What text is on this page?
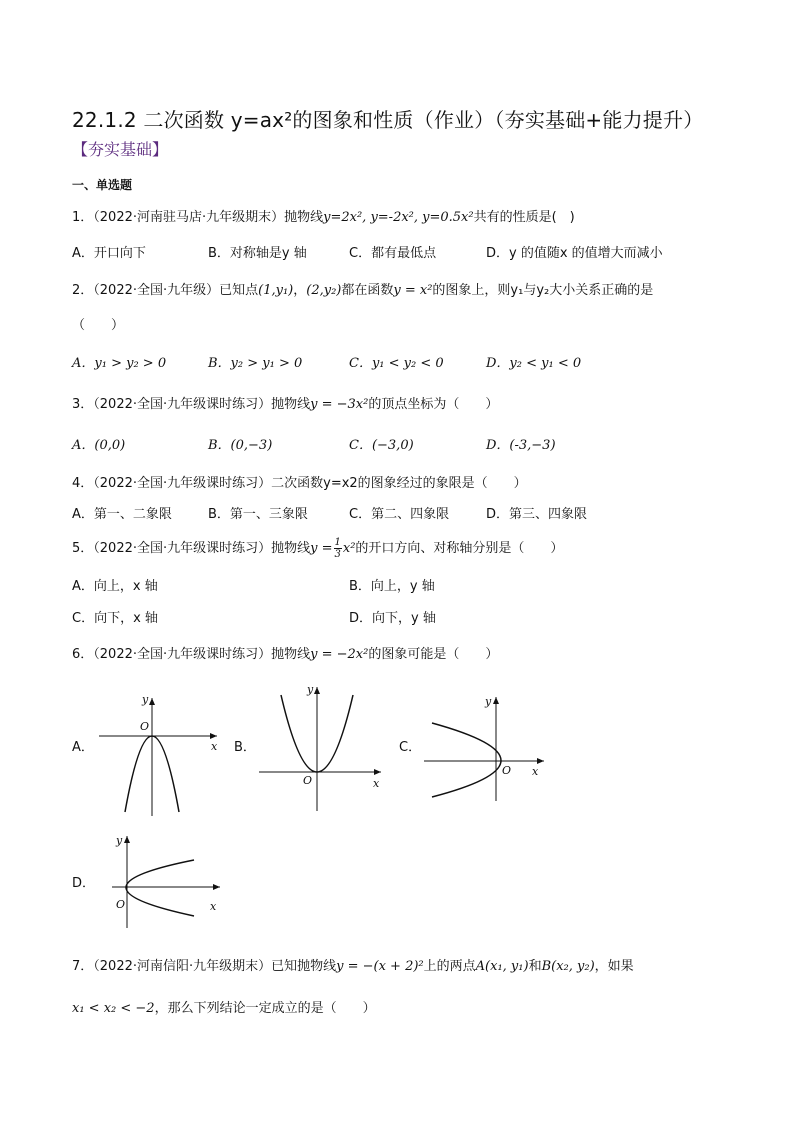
22.1.2 二次函数 y=ax²的图象和性质（作业）（夯实基础+能力提升）
【夯实基础】
一、单选题
1．（2022·河南驻马店·九年级期末）抛物线y=2x², y=-2x², y=0.5x²共有的性质是(　)
A．开口向下	B．对称轴是y 轴	C．都有最低点	D．y 的值随x 的值增大而减小
2．（2022·全国·九年级）已知点(1,y₁)，(2,y₂)都在函数y = x²的图象上，则y₁与y₂大小关系正确的是
（　　）
A．y₁ > y₂ > 0	B．y₂ > y₁ > 0	C．y₁ < y₂ < 0	D．y₂ < y₁ < 0
3．（2022·全国·九年级课时练习）抛物线y = −3x²的顶点坐标为（　　）
A．(0,0)	B．(0,−3)	C．(−3,0)	D．(-3,−3)
4．（2022·全国·九年级课时练习）二次函数y=x2的图象经过的象限是（　　）
A．第一、二象限	B．第一、三象限	C．第二、四象限	D．第三、四象限
5．（2022·全国·九年级课时练习）抛物线$y = \frac{1}{3} x^2$的开口方向、对称轴分别是（　　）
A．向上，x 轴	B．向上，y 轴
C．向下，x 轴	D．向下，y 轴
6．（2022·全国·九年级课时练习）抛物线y = −2x²的图象可能是（　　）
A．	B．	C．
D．
x
y
O
x
y
O
x
y
O
x
y
O
7．（2022·河南信阳·九年级期末）已知抛物线y = −(x + 2)²上的两点A(x₁, y₁)和B(x₂, y₂)，如果
x₁ < x₂ < −2，那么下列结论一定成立的是（　　）
